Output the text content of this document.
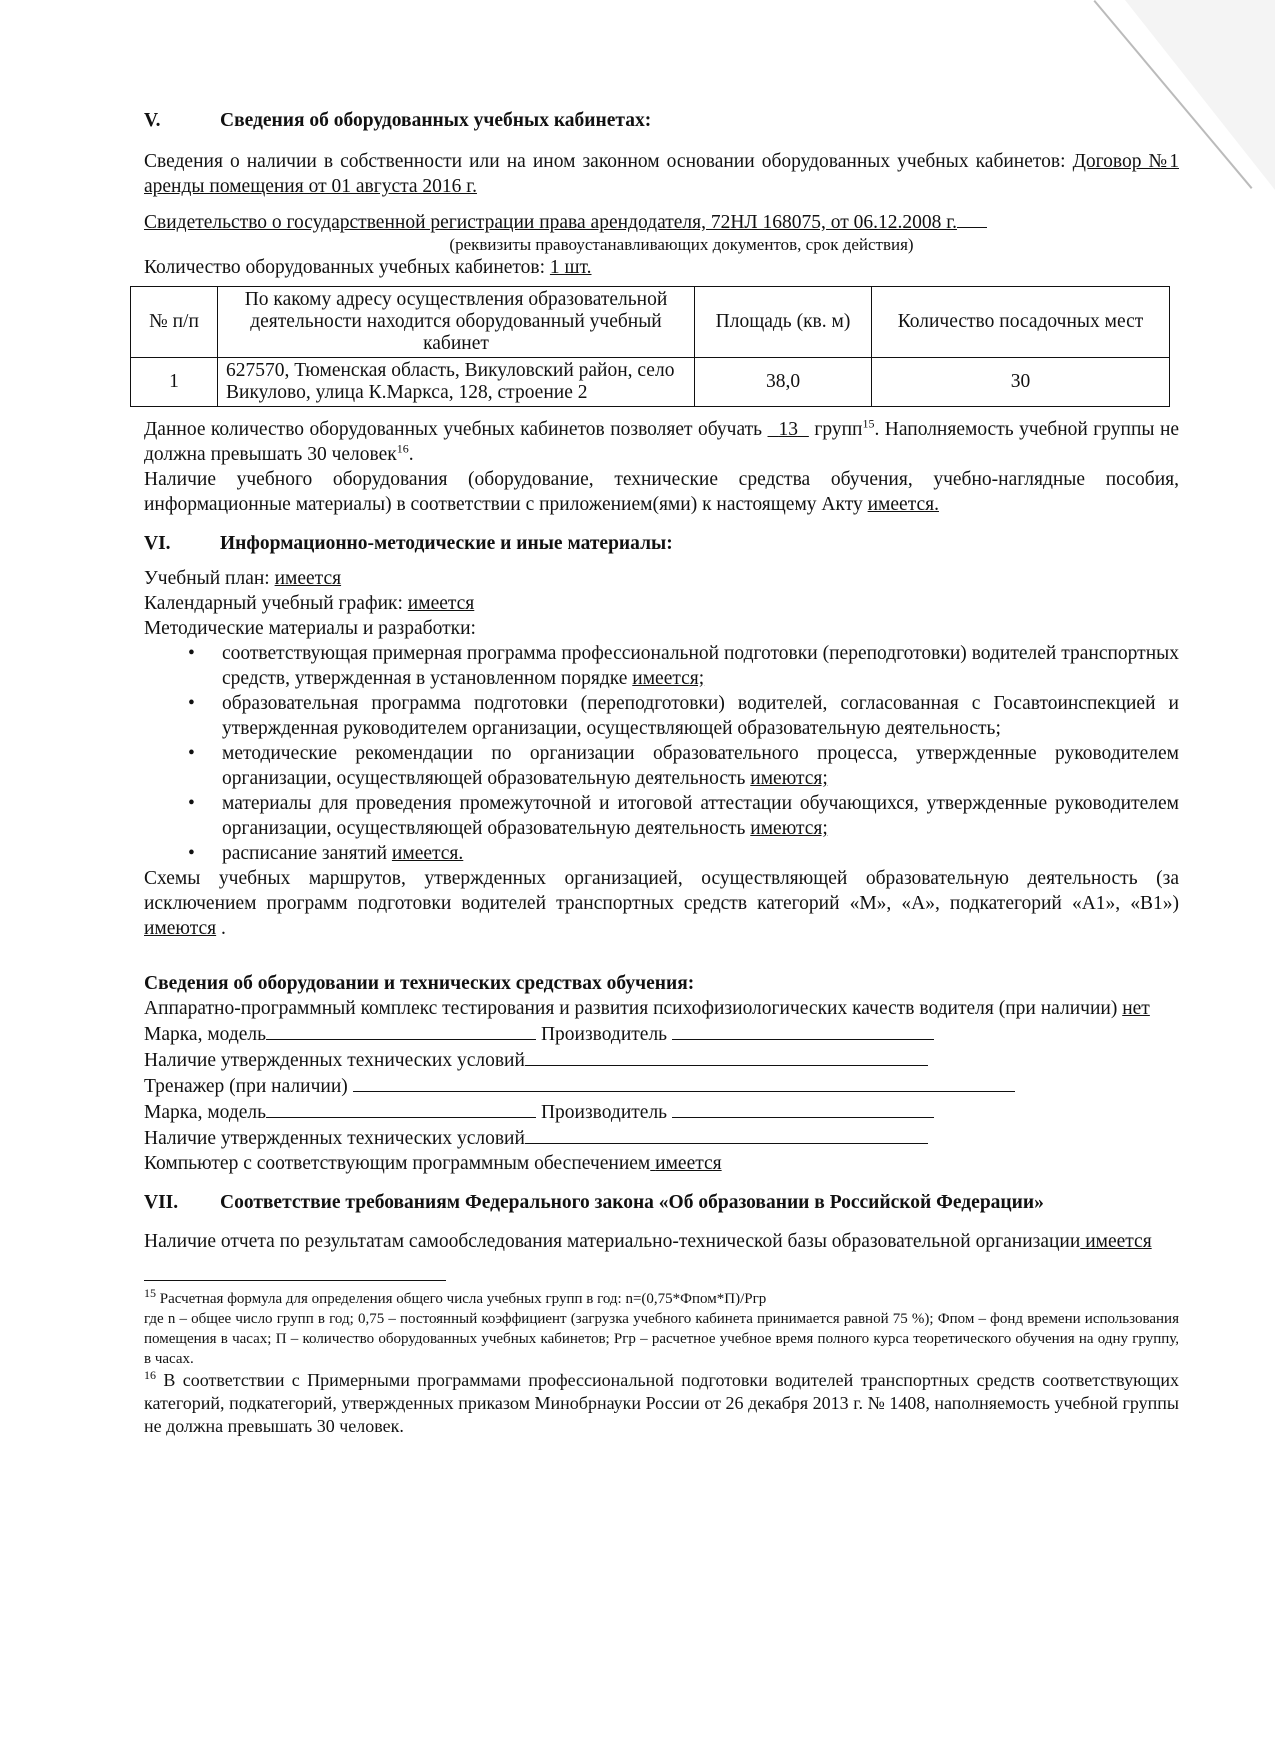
V.	Сведения об оборудованных учебных кабинетах:

Сведения о наличии в собственности или на ином законном основании оборудованных учебных кабинетов: Договор №1 аренды помещения от 01 августа 2016 г.

Свидетельство о государственной регистрации права арендодателя, 72НЛ 168075, от 06.12.2008 г.

(реквизиты правоустанавливающих документов, срок действия)

Количество оборудованных учебных кабинетов: 1 шт.

№ п/п	По какому адресу осуществления образовательной деятельности находится оборудованный учебный кабинет	Площадь (кв. м)	Количество посадочных мест
1	627570, Тюменская область, Викуловский район, село Викулово, улица К.Маркса, 128, строение 2	38,0	30

Данное количество оборудованных учебных кабинетов позволяет обучать 13 групп$^{15}$. Наполняемость учебной группы не должна превышать 30 человек$^{16}$.

Наличие учебного оборудования (оборудование, технические средства обучения, учебно-наглядные пособия, информационные материалы) в соответствии с приложением(ями) к настоящему Акту имеется.

VI.	Информационно-методические и иные материалы:

Учебный план: имеется

Календарный учебный график: имеется

Методические материалы и разработки:

• соответствующая примерная программа профессиональной подготовки (переподготовки) водителей транспортных средств, утвержденная в установленном порядке имеется;
• образовательная программа подготовки (переподготовки) водителей, согласованная с Госавтоинспекцией и утвержденная руководителем организации, осуществляющей образовательную деятельность;
• методические рекомендации по организации образовательного процесса, утвержденные руководителем организации, осуществляющей образовательную деятельность имеются;
• материалы для проведения промежуточной и итоговой аттестации обучающихся, утвержденные руководителем организации, осуществляющей образовательную деятельность имеются;
• расписание занятий имеется.

Схемы учебных маршрутов, утвержденных организацией, осуществляющей образовательную деятельность (за исключением программ подготовки водителей транспортных средств категорий «M», «A», подкатегорий «A1», «B1») имеются .

Сведения об оборудовании и технических средствах обучения:

Аппаратно-программный комплекс тестирования и развития психофизиологических качеств водителя (при наличии) нет

Марка, модель	Производитель

Наличие утвержденных технических условий

Тренажер (при наличии)

Марка, модель	Производитель

Наличие утвержденных технических условий

Компьютер с соответствующим программным обеспечением имеется

VII. Соответствие требованиям Федерального закона «Об образовании в Российской Федерации»

Наличие отчета по результатам самообследования материально-технической базы образовательной организации имеется

$^{15}$ Расчетная формула для определения общего числа учебных групп в год: n=(0,75*Фпом*П)/Ргр

где n – общее число групп в год; 0,75 – постоянный коэффициент (загрузка учебного кабинета принимается равной 75 %); Фпом – фонд времени использования помещения в часах; П – количество оборудованных учебных кабинетов; Pгр – расчетное учебное время полного курса теоретического обучения на одну группу, в часах.

$^{16}$ В соответствии с Примерными программами профессиональной подготовки водителей транспортных средств соответствующих категорий, подкатегорий, утвержденных приказом Минобрнауки России от 26 декабря 2013 г. № 1408, наполняемость учебной группы не должна превышать 30 человек.
